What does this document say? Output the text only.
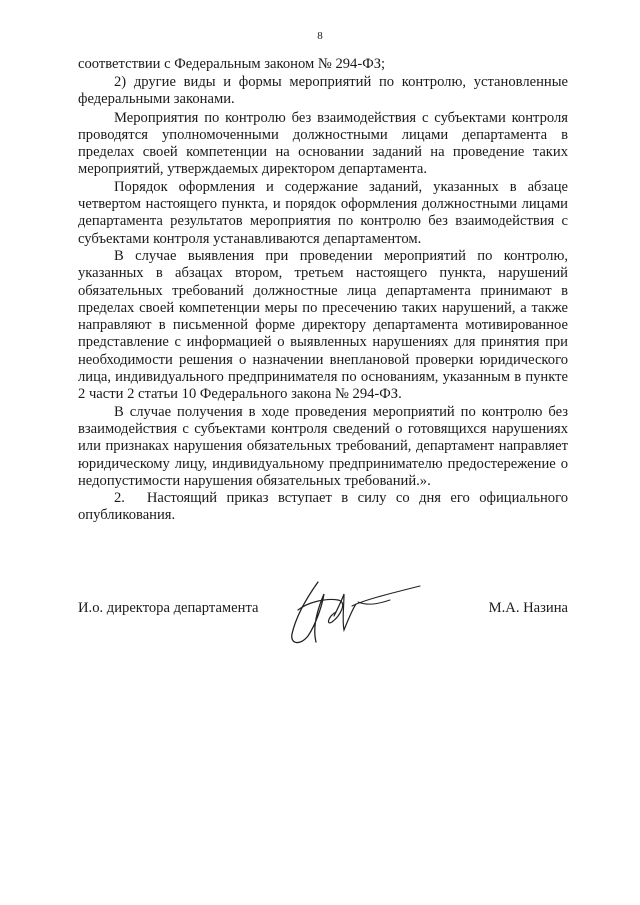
8

соответствии с Федеральным законом № 294-ФЗ;

2) другие виды и формы мероприятий по контролю, установленные федеральными законами.

Мероприятия по контролю без взаимодействия с субъектами контроля проводятся уполномоченными должностными лицами департамента в пределах своей компетенции на основании заданий на проведение таких мероприятий, утверждаемых директором департамента.

Порядок оформления и содержание заданий, указанных в абзаце четвертом настоящего пункта, и порядок оформления должностными лицами департамента результатов мероприятия по контролю без взаимодействия с субъектами контроля устанавливаются департаментом.

В случае выявления при проведении мероприятий по контролю, указанных в абзацах втором, третьем настоящего пункта, нарушений обязательных требований должностные лица департамента принимают в пределах своей компетенции меры по пресечению таких нарушений, а также направляют в письменной форме директору департамента мотивированное представление с информацией о выявленных нарушениях для принятия при необходимости решения о назначении внеплановой проверки юридического лица, индивидуального предпринимателя по основаниям, указанным в пункте 2 части 2 статьи 10 Федерального закона № 294-ФЗ.

В случае получения в ходе проведения мероприятий по контролю без взаимодействия с субъектами контроля сведений о готовящихся нарушениях или признаках нарушения обязательных требований, департамент направляет юридическому лицу, индивидуальному предпринимателю предостережение о недопустимости нарушения обязательных требований.».

2.  Настоящий приказ вступает в силу со дня его официального опубликования.

И.о. директора департамента	М.А. Назина
